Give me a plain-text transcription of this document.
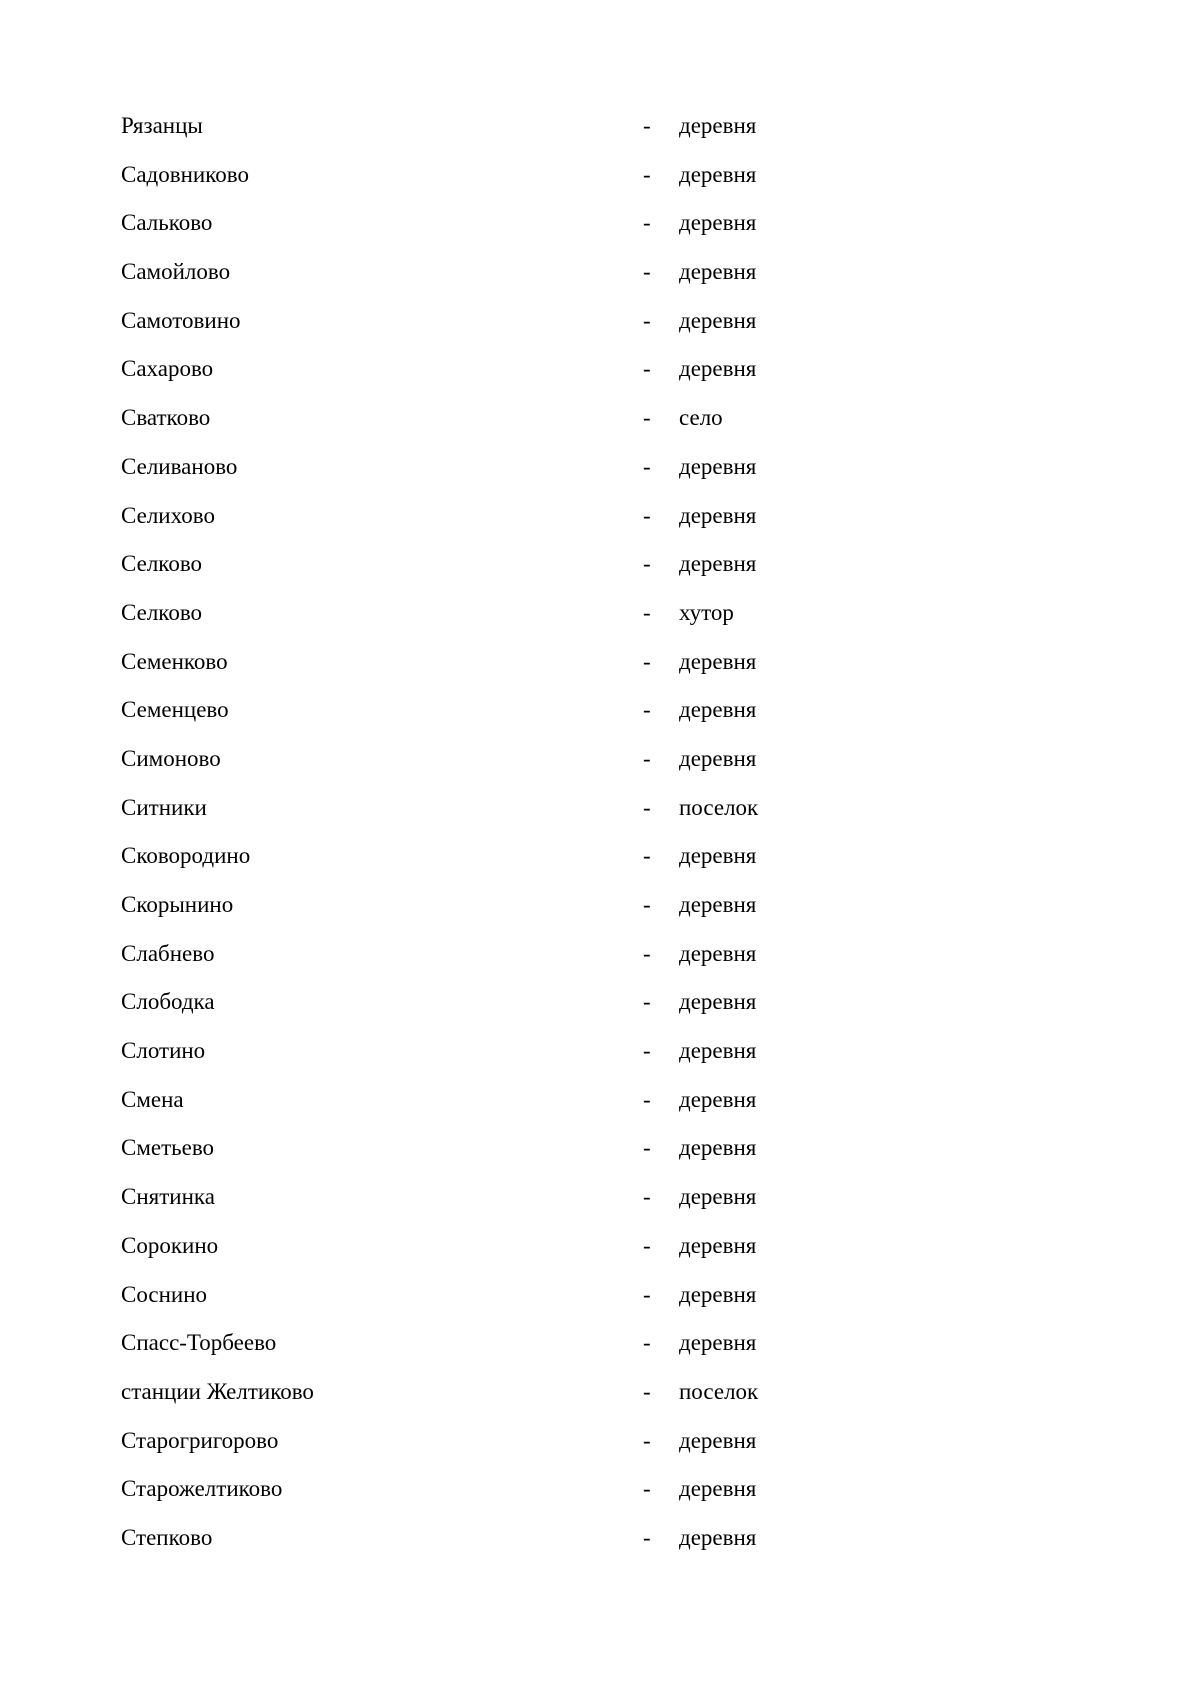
Рязанцы	- деревня
Садовниково	- деревня
Сальково	- деревня
Самойлово	- деревня
Самотовино	- деревня
Сахарово	- деревня
Сватково	- село
Селиваново	- деревня
Селихово	- деревня
Селково	- деревня
Селково	- хутор
Семенково	- деревня
Семенцево	- деревня
Симоново	- деревня
Ситники	- поселок
Сковородино	- деревня
Скорынино	- деревня
Слабнево	- деревня
Слободка	- деревня
Слотино	- деревня
Смена	- деревня
Сметьево	- деревня
Снятинка	- деревня
Сорокино	- деревня
Соснино	- деревня
Спасс-Торбеево	- деревня
станции Желтиково	- поселок
Старогригорово	- деревня
Старожелтиково	- деревня
Степково	- деревня
